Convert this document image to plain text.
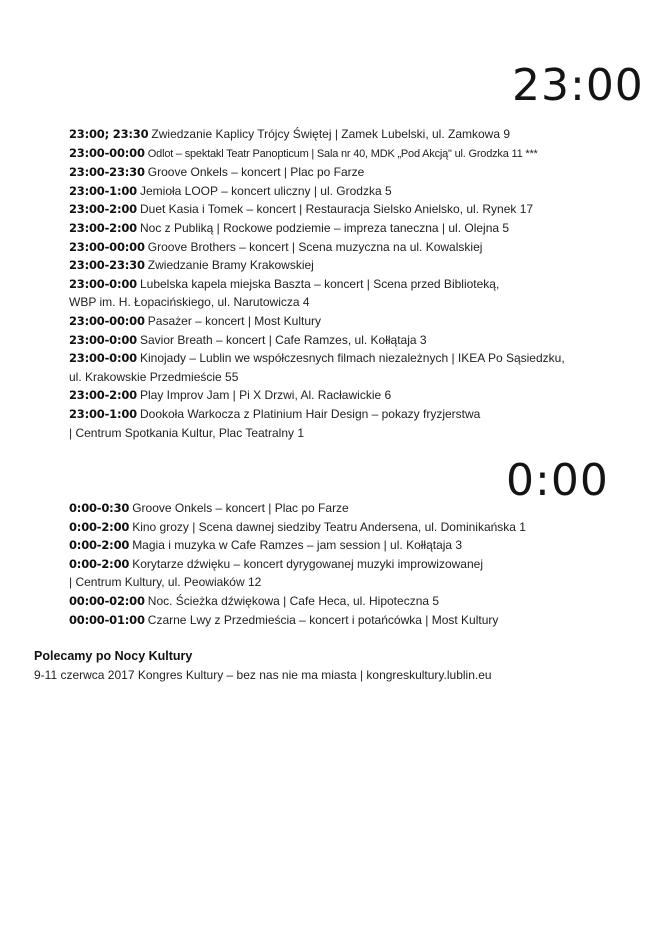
23:00
23:00; 23:30 Zwiedzanie Kaplicy Trójcy Świętej | Zamek Lubelski, ul. Zamkowa 9
23:00-00:00 Odlot – spektakl Teatr Panopticum | Sala nr 40, MDK „Pod Akcją" ul. Grodzka 11 ***
23:00-23:30 Groove Onkels – koncert | Plac po Farze
23:00-1:00 Jemioła LOOP – koncert uliczny | ul. Grodzka 5
23:00-2:00 Duet Kasia i Tomek – koncert | Restauracja Sielsko Anielsko, ul. Rynek 17
23:00-2:00 Noc z Publiką | Rockowe podziemie – impreza taneczna | ul. Olejna 5
23:00-00:00 Groove Brothers – koncert | Scena muzyczna na ul. Kowalskiej
23:00-23:30 Zwiedzanie Bramy Krakowskiej
23:00-0:00 Lubelska kapela miejska Baszta – koncert | Scena przed Biblioteką,
WBP im. H. Łopacińskiego, ul. Narutowicza 4
23:00-00:00 Pasażer – koncert | Most Kultury
23:00-0:00 Savior Breath – koncert | Cafe Ramzes, ul. Kołłątaja 3
23:00-0:00 Kinojady – Lublin we współczesnych filmach niezależnych | IKEA Po Sąsiedzku,
ul. Krakowskie Przedmieście 55
23:00-2:00 Play Improv Jam | Pi X Drzwi, Al. Racławickie 6
23:00-1:00 Dookoła Warkocza z Platinium Hair Design – pokazy fryzjerstwa
| Centrum Spotkania Kultur, Plac Teatralny 1
0:00
0:00-0:30 Groove Onkels – koncert | Plac po Farze
0:00-2:00 Kino grozy | Scena dawnej siedziby Teatru Andersena, ul. Dominikańska 1
0:00-2:00 Magia i muzyka w Cafe Ramzes – jam session | ul. Kołłątaja 3
0:00-2:00 Korytarze dźwięku – koncert dyrygowanej muzyki improwizowanej
| Centrum Kultury, ul. Peowiaków 12
00:00-02:00 Noc. Ścieżka dźwiękowa | Cafe Heca, ul. Hipoteczna 5
00:00-01:00 Czarne Lwy z Przedmieścia – koncert i potańcówka | Most Kultury
Polecamy po Nocy Kultury
9-11 czerwca 2017 Kongres Kultury – bez nas nie ma miasta | kongreskultury.lublin.eu
